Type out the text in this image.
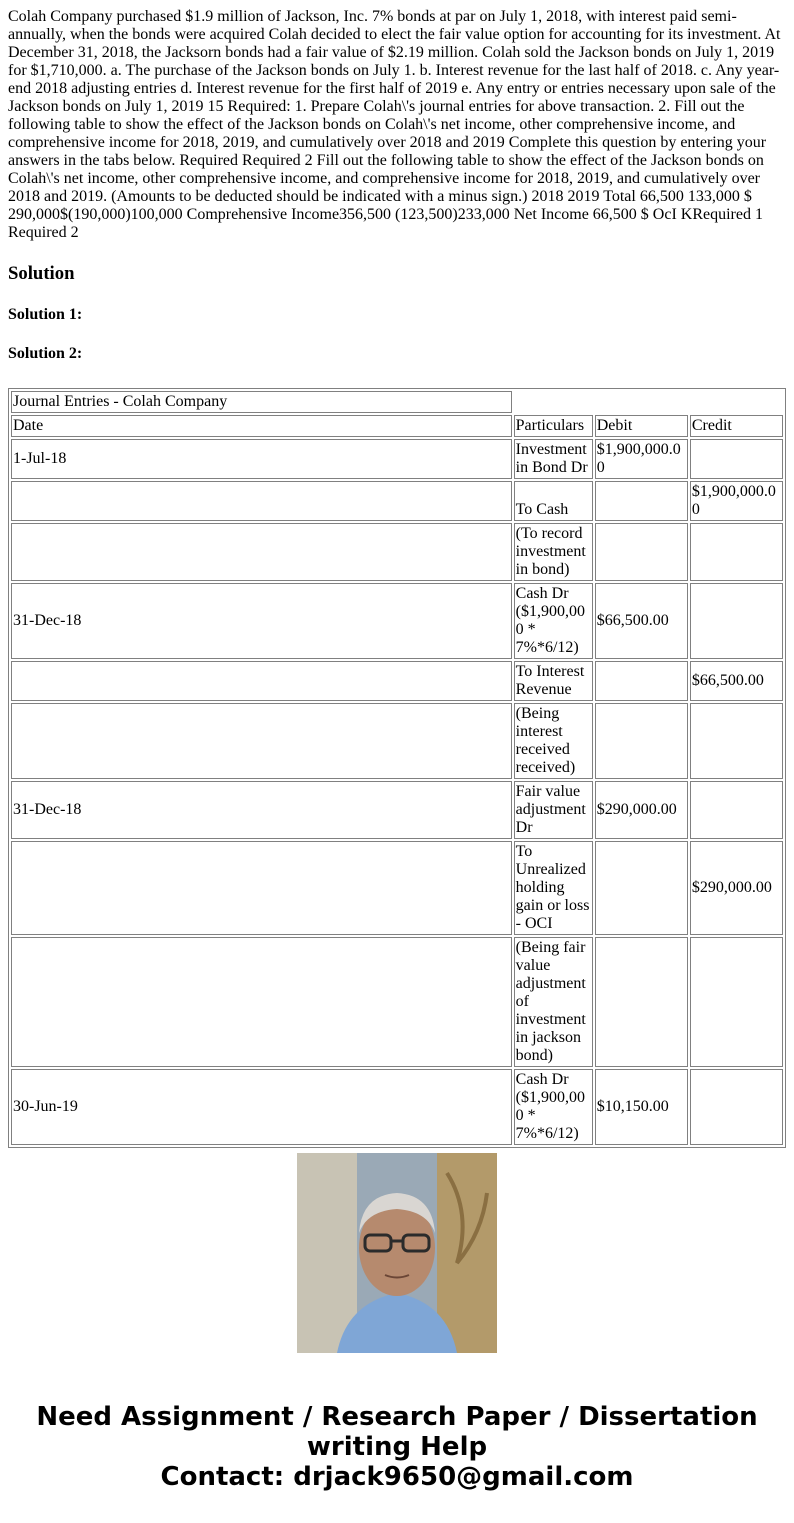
Colah Company purchased $1.9 million of Jackson, Inc. 7% bonds at par on July 1, 2018, with interest paid semi-annually, when the bonds were acquired Colah decided to elect the fair value option for accounting for its investment. At December 31, 2018, the Jacksorn bonds had a fair value of $2.19 million. Colah sold the Jackson bonds on July 1, 2019 for $1,710,000. a. The purchase of the Jackson bonds on July 1. b. Interest revenue for the last half of 2018. c. Any year-end 2018 adjusting entries d. Interest revenue for the first half of 2019 e. Any entry or entries necessary upon sale of the Jackson bonds on July 1, 2019 15 Required: 1. Prepare Colah\'s journal entries for above transaction. 2. Fill out the following table to show the effect of the Jackson bonds on Colah\'s net income, other comprehensive income, and comprehensive income for 2018, 2019, and cumulatively over 2018 and 2019 Complete this question by entering your answers in the tabs below. Required Required 2 Fill out the following table to show the effect of the Jackson bonds on Colah\'s net income, other comprehensive income, and comprehensive income for 2018, 2019, and cumulatively over 2018 and 2019. (Amounts to be deducted should be indicated with a minus sign.) 2018 2019 Total 66,500 133,000 $ 290,000$(190,000)100,000 Comprehensive Income356,500 (123,500)233,000 Net Income 66,500 $ OcI KRequired 1 Required 2
Solution
Solution 1:
Solution 2:
Journal Entries - Colah Company			
Date	Particulars	Debit	Credit
1-Jul-18	Investment in Bond Dr	$1,900,000.00	
	To Cash		$1,900,000.00
	(To record investment in bond)		
31-Dec-18	Cash Dr ($1,900,000 * 7%*6/12)	$66,500.00	
	To Interest Revenue		$66,500.00
	(Being interest received received)		
31-Dec-18	Fair value adjustment Dr	$290,000.00	
	To Unrealized holding gain or loss - OCI		$290,000.00
	(Being fair value adjustment of investment in jackson bond)		
30-Jun-19	Cash Dr ($1,900,000 * 7%*6/12)	$10,150.00	
Need Assignment / Research Paper / Dissertation
writing Help
Contact: drjack9650@gmail.com
